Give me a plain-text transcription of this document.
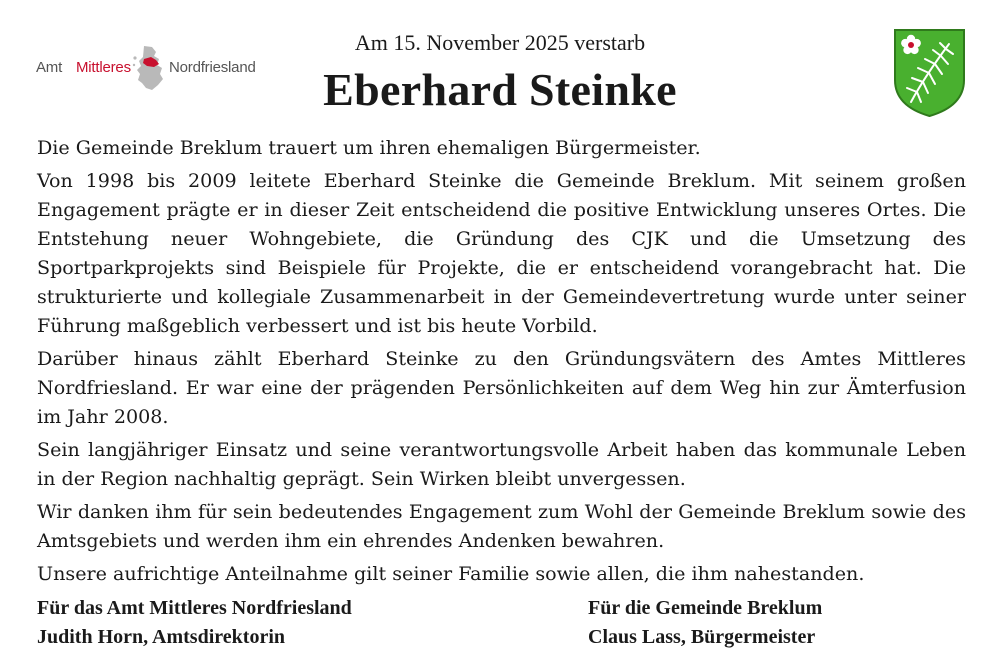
Amt Mittleres	Nordfriesland
Am 15. November 2025 verstarb
Eberhard Steinke

Die Gemeinde Breklum trauert um ihren ehemaligen Bürgermeister.

Von 1998 bis 2009 leitete Eberhard Steinke die Gemeinde Breklum. Mit seinem großen Engagement prägte er in dieser Zeit entscheidend die positive Entwicklung unseres Ortes. Die Entstehung neuer Wohngebiete, die Gründung des CJK und die Umsetzung des Sportparkprojekts sind Beispiele für Projekte, die er entscheidend vorangebracht hat. Die strukturierte und kollegiale Zusammenarbeit in der Gemeindevertretung wurde unter seiner Führung maßgeblich verbessert und ist bis heute Vorbild.

Darüber hinaus zählt Eberhard Steinke zu den Gründungsvätern des Amtes Mittleres Nordfriesland. Er war eine der prägenden Persönlichkeiten auf dem Weg hin zur Ämterfusion im Jahr 2008.

Sein langjähriger Einsatz und seine verantwortungsvolle Arbeit haben das kommunale Leben in der Region nachhaltig geprägt. Sein Wirken bleibt unvergessen.

Wir danken ihm für sein bedeutendes Engagement zum Wohl der Gemeinde Breklum sowie des Amtsgebiets und werden ihm ein ehrendes Andenken bewahren.

Unsere aufrichtige Anteilnahme gilt seiner Familie sowie allen, die ihm nahestanden.

Für das Amt Mittleres Nordfriesland
Judith Horn, Amtsdirektorin
Für die Gemeinde Breklum
Claus Lass, Bürgermeister
